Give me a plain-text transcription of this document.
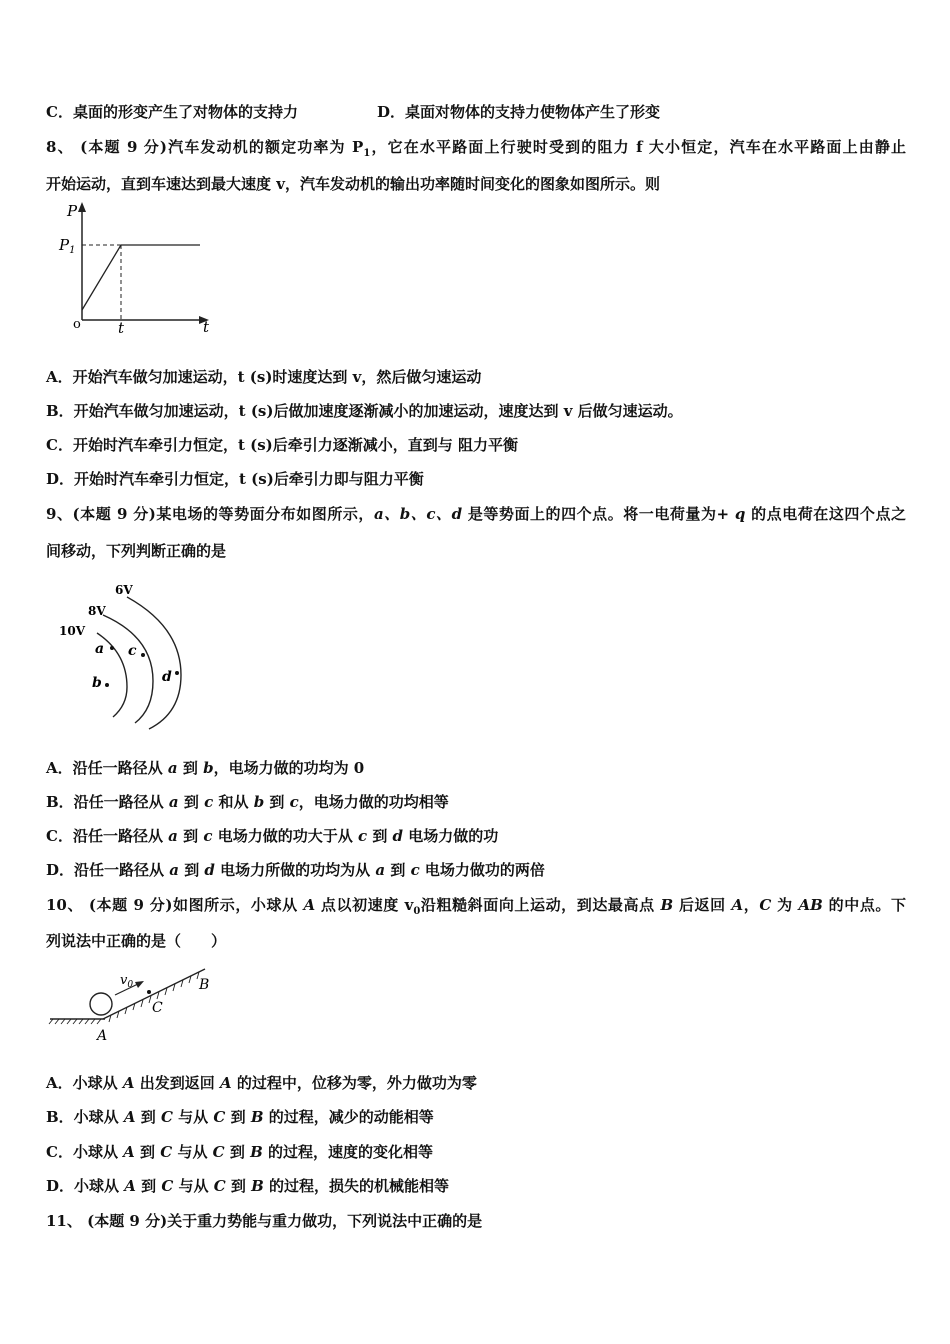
C．桌面的形变产生了对物体的支持力	D．桌面对物体的支持力使物体产生了形变
8、 (本题 9 分)汽车发动机的额定功率为 $P_1$，它在水平路面上行驶时受到的阻力 f 大小恒定，汽车在水平路面上由静止
开始运动，直到车速达到最大速度 v，汽车发动机的输出功率随时间变化的图象如图所示。则
P
$P_1$
o t	t
A．开始汽车做匀加速运动，t (s)时速度达到 v，然后做匀速运动
B．开始汽车做匀加速运动，t (s)后做加速度逐渐减小的加速运动，速度达到 v 后做匀速运动。
C．开始时汽车牵引力恒定，t (s)后牵引力逐渐减小，直到与 阻力平衡
D．开始时汽车牵引力恒定，t (s)后牵引力即与阻力平衡
9、(本题 9 分)某电场的等势面分布如图所示，a、b、c、d 是等势面上的四个点。将一电荷量为+ q 的点电荷在这四个点之
间移动，下列判断正确的是
6V
8V
10V
a
b
c
d
A．沿任一路径从 a 到 b，电场力做的功均为 0
B．沿任一路径从 a 到 c 和从 b 到 c，电场力做的功均相等
C．沿任一路径从 a 到 c 电场力做的功大于从 c 到 d 电场力做的功
D．沿任一路径从 a 到 d 电场力所做的功均为从 a 到 c 电场力做功的两倍
10、 (本题 9 分)如图所示，小球从 A 点以初速度 $v_0$沿粗糙斜面向上运动，到达最高点 B 后返回 A，C 为 AB 的中点。下
列说法中正确的是（　　）
$v_0$
A
C
B
A．小球从 A 出发到返回 A 的过程中，位移为零，外力做功为零
B．小球从 A 到 C 与从 C 到 B 的过程，减少的动能相等
C．小球从 A 到 C 与从 C 到 B 的过程，速度的变化相等
D．小球从 A 到 C 与从 C 到 B 的过程，损失的机械能相等
11、 (本题 9 分)关于重力势能与重力做功，下列说法中正确的是
